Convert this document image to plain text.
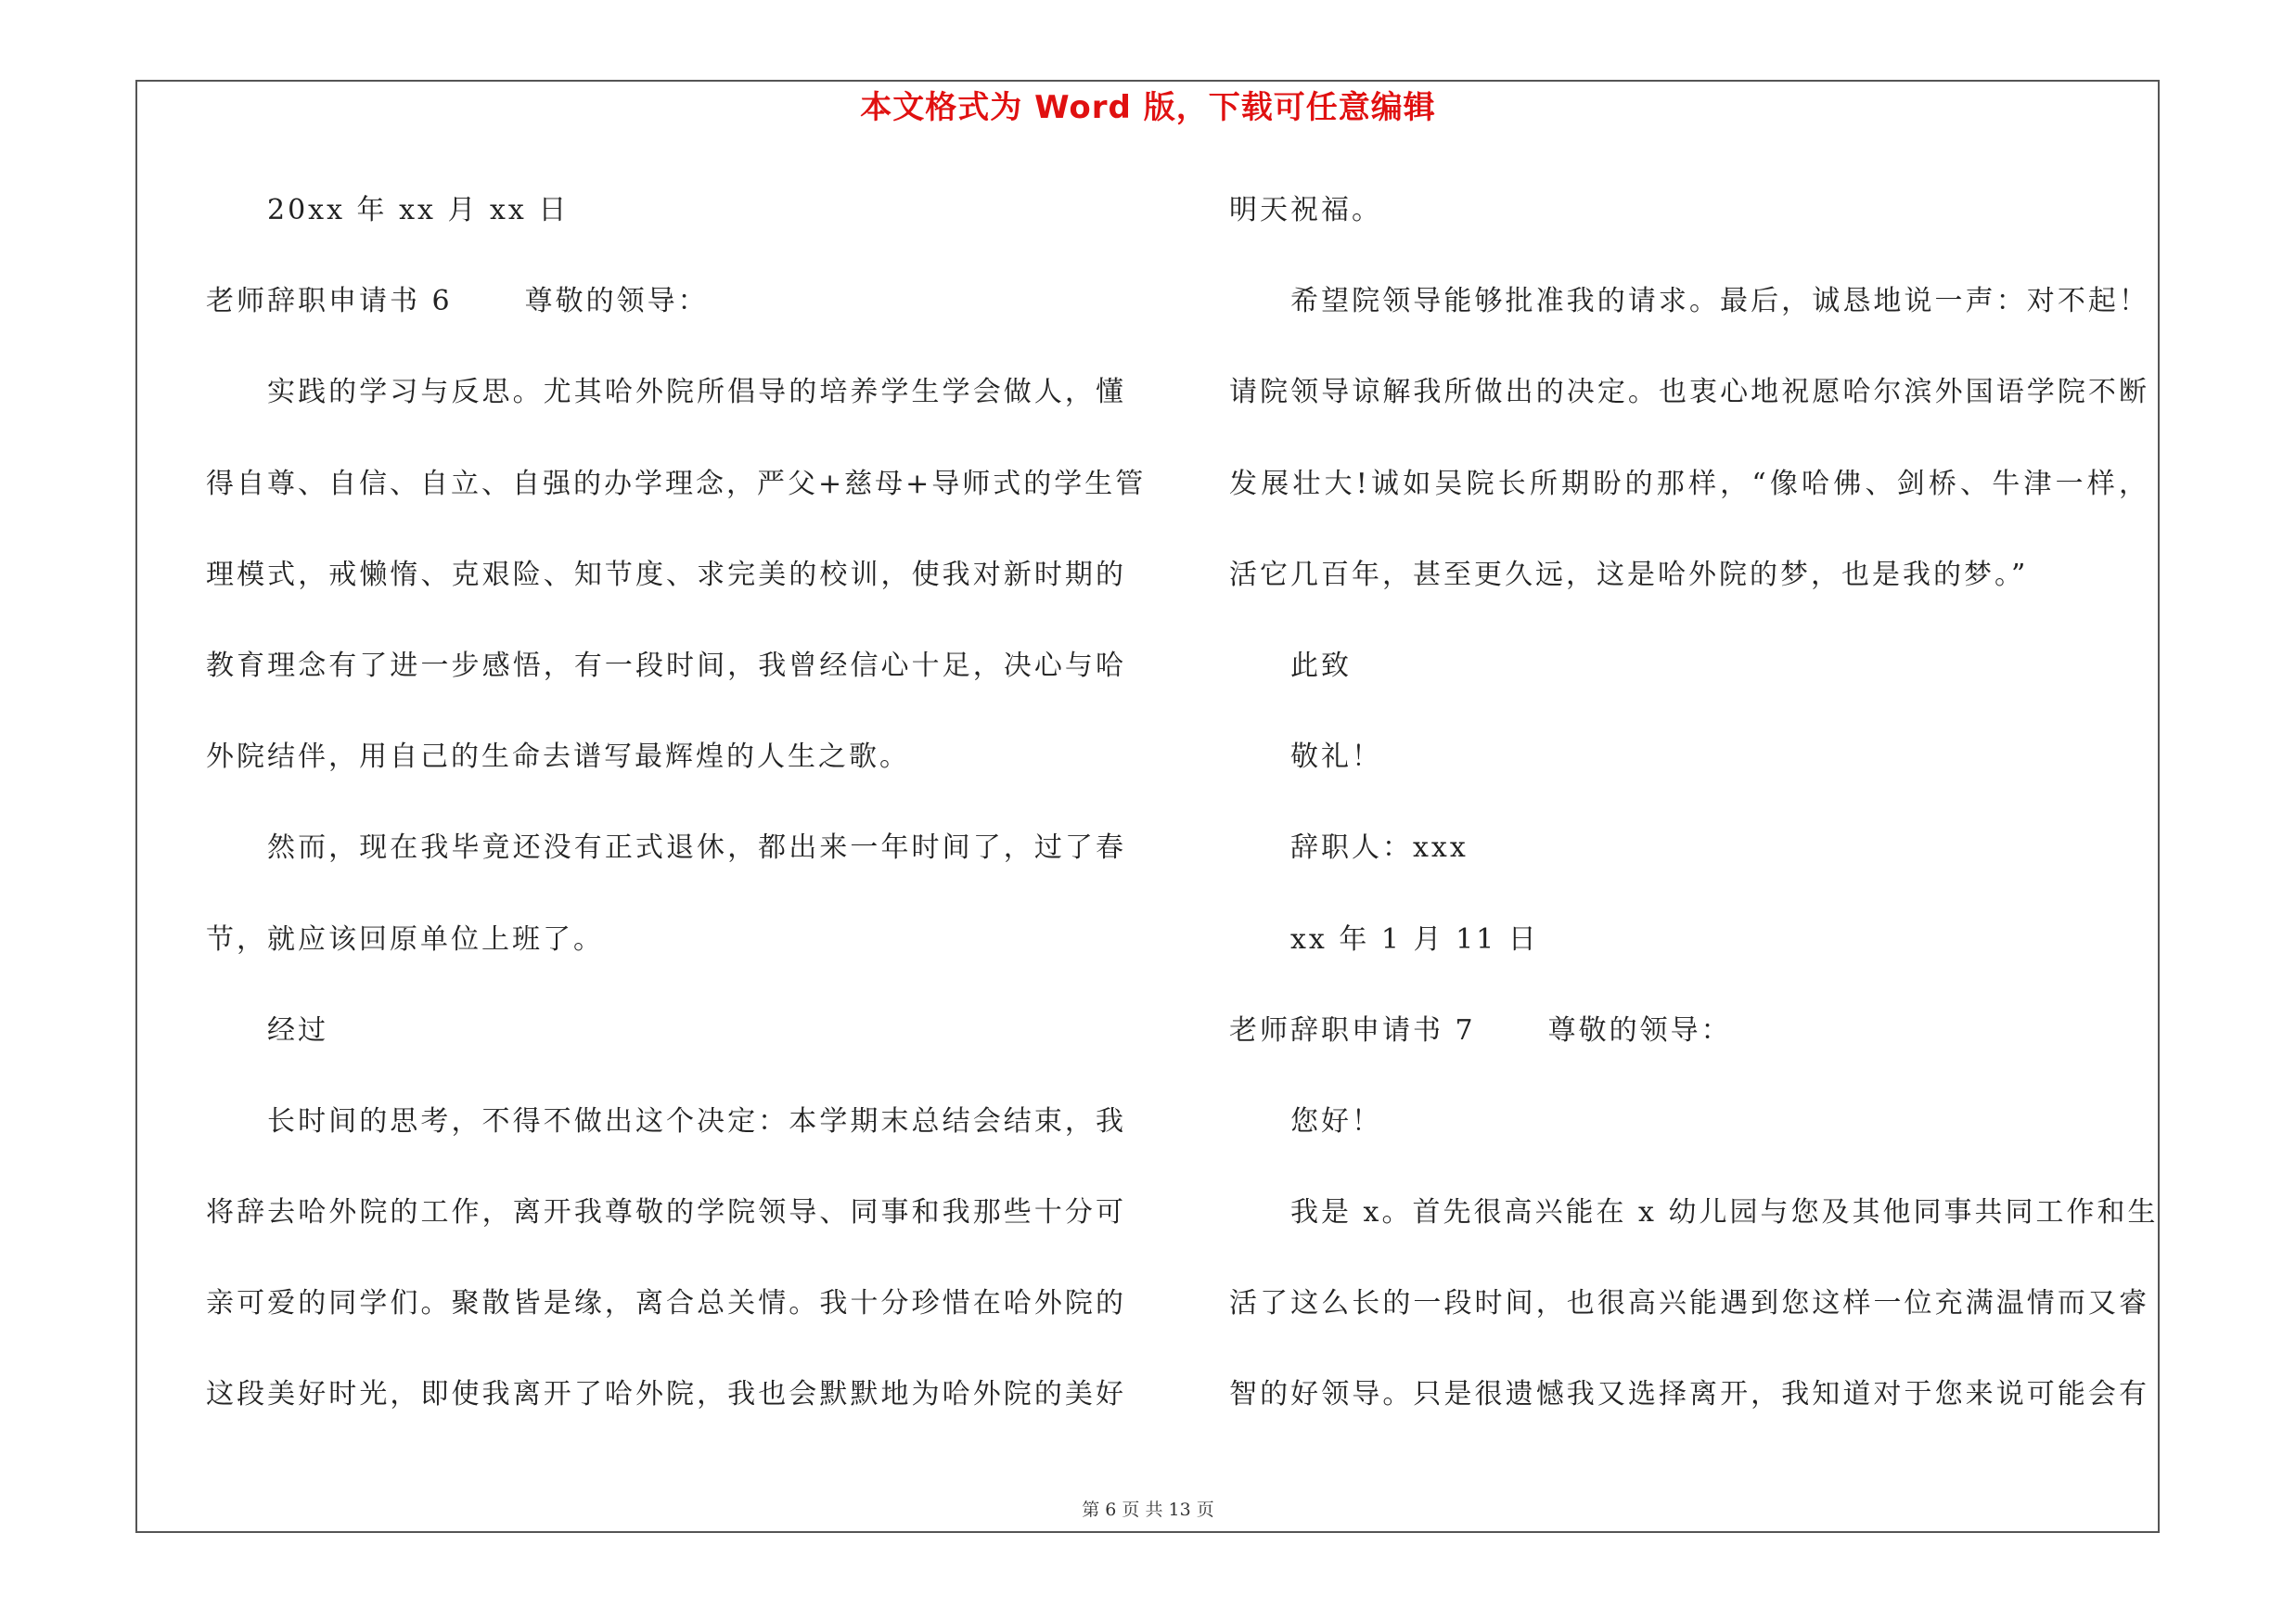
本文格式为 Word 版，下载可任意编辑
20xx 年 xx 月 xx 日
老师辞职申请书 6	尊敬的领导：
实践的学习与反思。尤其哈外院所倡导的培养学生学会做人，懂
得自尊、自信、自立、自强的办学理念，严父+慈母+导师式的学生管
理模式，戒懒惰、克艰险、知节度、求完美的校训，使我对新时期的
教育理念有了进一步感悟，有一段时间，我曾经信心十足，决心与哈
外院结伴，用自己的生命去谱写最辉煌的人生之歌。
然而，现在我毕竟还没有正式退休，都出来一年时间了，过了春
节，就应该回原单位上班了。
经过
长时间的思考，不得不做出这个决定：本学期末总结会结束，我
将辞去哈外院的工作，离开我尊敬的学院领导、同事和我那些十分可
亲可爱的同学们。聚散皆是缘，离合总关情。我十分珍惜在哈外院的
这段美好时光，即使我离开了哈外院，我也会默默地为哈外院的美好
明天祝福。
希望院领导能够批准我的请求。最后，诚恳地说一声：对不起！
请院领导谅解我所做出的决定。也衷心地祝愿哈尔滨外国语学院不断
发展壮大!诚如吴院长所期盼的那样，“像哈佛、剑桥、牛津一样，
活它几百年，甚至更久远，这是哈外院的梦，也是我的梦。”
此致
敬礼！
辞职人：xxx
xx 年 1 月 11 日
老师辞职申请书 7	尊敬的领导：
您好！
我是 x。首先很高兴能在 x 幼儿园与您及其他同事共同工作和生
活了这么长的一段时间，也很高兴能遇到您这样一位充满温情而又睿
智的好领导。只是很遗憾我又选择离开，我知道对于您来说可能会有
第 6 页 共 13 页
